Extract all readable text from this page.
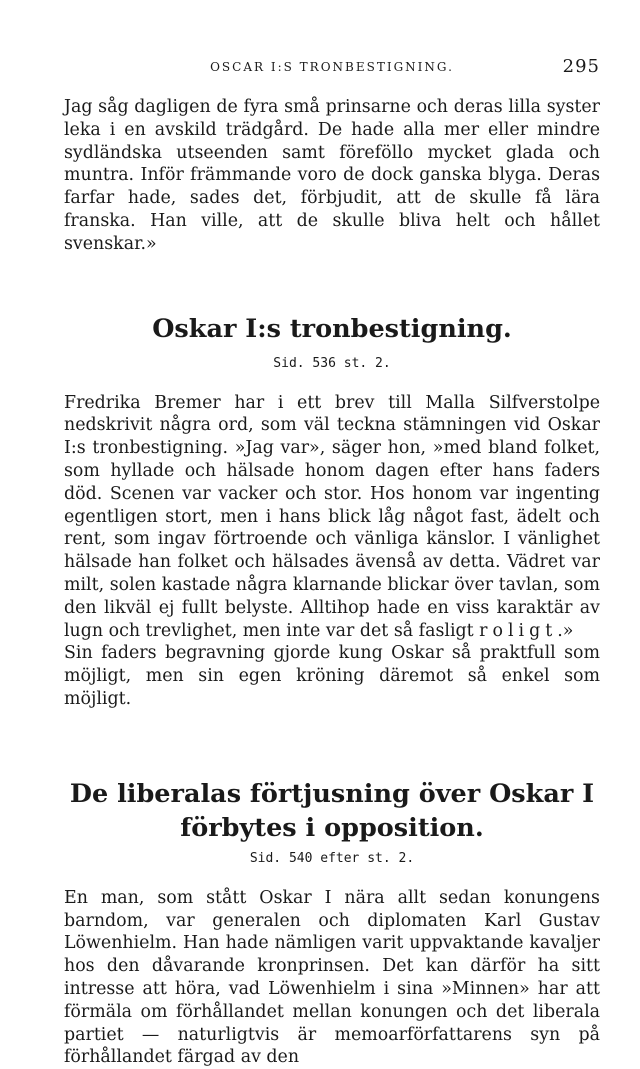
OSCAR I:S TRONBESTIGNING.	295

Jag såg dagligen de fyra små prinsarne och deras lilla syster leka i en avskild trädgård. De hade alla mer eller mindre sydländska utseenden samt föreföllo mycket glada och muntra. Inför främmande voro de dock ganska blyga. Deras farfar hade, sades det, förbjudit, att de skulle få lära franska. Han ville, att de skulle bliva helt och hållet svenskar.»

Oskar I:s tronbestigning.
Sid. 536 st. 2.

Fredrika Bremer har i ett brev till Malla Silfverstolpe nedskrivit några ord, som väl teckna stämningen vid Oskar I:s tronbestigning. »Jag var», säger hon, »med bland folket, som hyllade och hälsade honom dagen efter hans faders död. Scenen var vacker och stor. Hos honom var ingenting egentligen stort, men i hans blick låg något fast, ädelt och rent, som ingav förtroende och vänliga känslor. I vänlighet hälsade han folket och hälsades ävenså av detta. Vädret var milt, solen kastade några klarnande blickar över tavlan, som den likväl ej fullt belyste. Alltihop hade en viss karaktär av lugn och trevlighet, men inte var det så fasligt roligt.»

Sin faders begravning gjorde kung Oskar så praktfull som möjligt, men sin egen kröning däremot så enkel som möjligt.

De liberalas förtjusning över Oskar I förbytes i opposition.
Sid. 540 efter st. 2.

En man, som stått Oskar I nära allt sedan konungens barndom, var generalen och diplomaten Karl Gustav Löwenhielm. Han hade nämligen varit uppvaktande kavaljer hos den dåvarande kronprinsen. Det kan därför ha sitt intresse att höra, vad Löwenhielm i sina »Minnen» har att förmäla om förhållandet mellan konungen och det liberala partiet — naturligtvis är memoarförfattarens syn på förhållandet färgad av den
